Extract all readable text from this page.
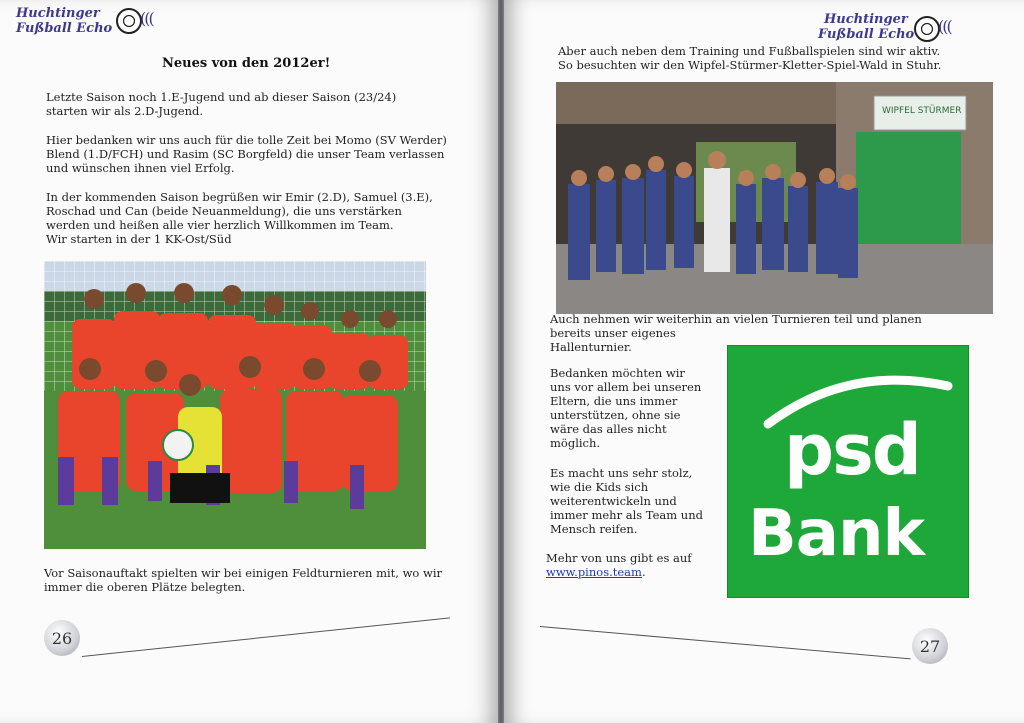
Huchtinger
Fußball Echo
(((
Neues von den 2012er!
Letzte Saison noch 1.E-Jugend und ab dieser Saison (23/24)
starten wir als 2.D-Jugend.
Hier bedanken wir uns auch für die tolle Zeit bei Momo (SV Werder)
Blend (1.D/FCH) und Rasim (SC Borgfeld) die unser Team verlassen
und wünschen ihnen viel Erfolg.
In der kommenden Saison begrüßen wir Emir (2.D), Samuel (3.E),
Roschad und Can (beide Neuanmeldung), die uns verstärken
werden und heißen alle vier herzlich Willkommen im Team.
Wir starten in der 1 KK-Ost/Süd
Vor Saisonauftakt spielten wir bei einigen Feldturnieren mit, wo wir
immer die oberen Plätze belegten.
26
Huchtinger
Fußball Echo (((
Aber auch neben dem Training und Fußballspielen sind wir aktiv.
So besuchten wir den Wipfel-Stürmer-Kletter-Spiel-Wald in Stuhr.
WIPFEL STÜRMER
Auch nehmen wir weiterhin an vielen Turnieren teil und planen
bereits unser eigenes
Hallenturnier.
Bedanken möchten wir
uns vor allem bei unseren
Eltern, die uns immer
unterstützen, ohne sie
wäre das alles nicht
möglich.
Es macht uns sehr stolz,
wie die Kids sich
weiterentwickeln und
immer mehr als Team und
Mensch reifen.
Mehr von uns gibt es auf
www.pinos.team.
27
psd
Bank
